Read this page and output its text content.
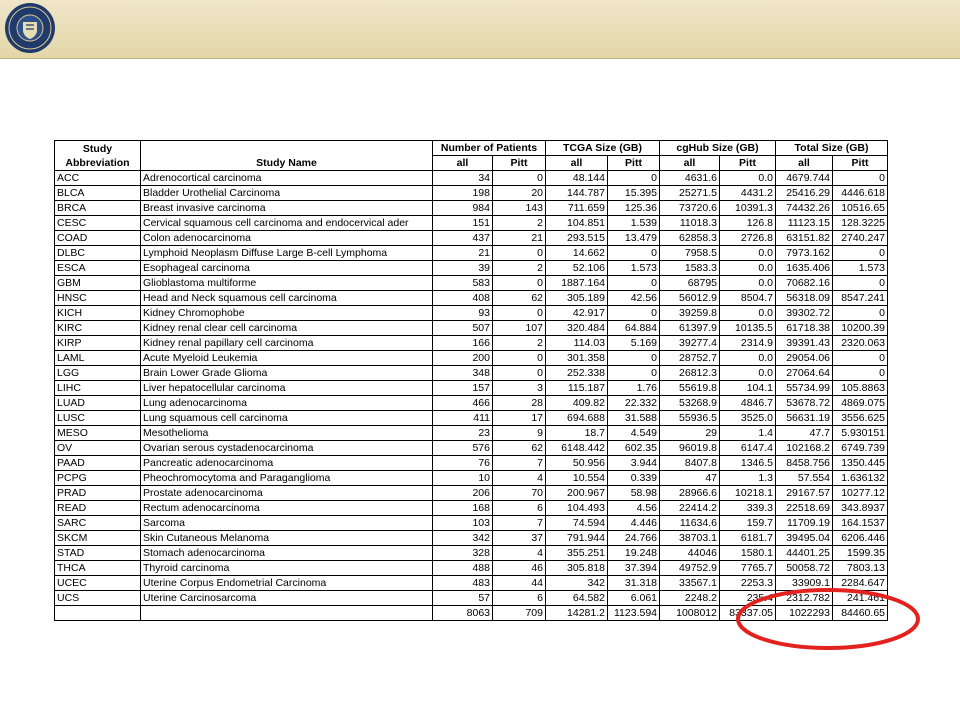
Study Abbreviation	Study Name	Number of Patients		TCGA Size (GB)		cgHub Size (GB)		Total Size (GB)	
		all	Pitt	all	Pitt	all	Pitt	all	Pitt
ACC	Adrenocortical carcinoma	34	0	48.144	0	4631.6	0.0	4679.744	0
BLCA	Bladder Urothelial Carcinoma	198	20	144.787	15.395	25271.5	4431.2	25416.29	4446.618
BRCA	Breast invasive carcinoma	984	143	711.659	125.36	73720.6	10391.3	74432.26	10516.65
CESC	Cervical squamous cell carcinoma and endocervical ader	151	2	104.851	1.539	11018.3	126.8	11123.15	128.3225
COAD	Colon adenocarcinoma	437	21	293.515	13.479	62858.3	2726.8	63151.82	2740.247
DLBC	Lymphoid Neoplasm Diffuse Large B-cell Lymphoma	21	0	14.662	0	7958.5	0.0	7973.162	0
ESCA	Esophageal carcinoma	39	2	52.106	1.573	1583.3	0.0	1635.406	1.573
GBM	Glioblastoma multiforme	583	0	1887.164	0	68795	0.0	70682.16	0
HNSC	Head and Neck squamous cell carcinoma	408	62	305.189	42.56	56012.9	8504.7	56318.09	8547.241
KICH	Kidney Chromophobe	93	0	42.917	0	39259.8	0.0	39302.72	0
KIRC	Kidney renal clear cell carcinoma	507	107	320.484	64.884	61397.9	10135.5	61718.38	10200.39
KIRP	Kidney renal papillary cell carcinoma	166	2	114.03	5.169	39277.4	2314.9	39391.43	2320.063
LAML	Acute Myeloid Leukemia	200	0	301.358	0	28752.7	0.0	29054.06	0
LGG	Brain Lower Grade Glioma	348	0	252.338	0	26812.3	0.0	27064.64	0
LIHC	Liver hepatocellular carcinoma	157	3	115.187	1.76	55619.8	104.1	55734.99	105.8863
LUAD	Lung adenocarcinoma	466	28	409.82	22.332	53268.9	4846.7	53678.72	4869.075
LUSC	Lung squamous cell carcinoma	411	17	694.688	31.588	55936.5	3525.0	56631.19	3556.625
MESO	Mesothelioma	23	9	18.7	4.549	29	1.4	47.7	5.930151
OV	Ovarian serous cystadenocarcinoma	576	62	6148.442	602.35	96019.8	6147.4	102168.2	6749.739
PAAD	Pancreatic adenocarcinoma	76	7	50.956	3.944	8407.8	1346.5	8458.756	1350.445
PCPG	Pheochromocytoma and Paraganglioma	10	4	10.554	0.339	47	1.3	57.554	1.636132
PRAD	Prostate adenocarcinoma	206	70	200.967	58.98	28966.6	10218.1	29167.57	10277.12
READ	Rectum adenocarcinoma	168	6	104.493	4.56	22414.2	339.3	22518.69	343.8937
SARC	Sarcoma	103	7	74.594	4.446	11634.6	159.7	11709.19	164.1537
SKCM	Skin Cutaneous Melanoma	342	37	791.944	24.766	38703.1	6181.7	39495.04	6206.446
STAD	Stomach adenocarcinoma	328	4	355.251	19.248	44046	1580.1	44401.25	1599.35
THCA	Thyroid carcinoma	488	46	305.818	37.394	49752.9	7765.7	50058.72	7803.13
UCEC	Uterine Corpus Endometrial Carcinoma	483	44	342	31.318	33567.1	2253.3	33909.1	2284.647
UCS	Uterine Carcinosarcoma	57	6	64.582	6.061	2248.2	235.4	2312.782	241.461
		8063	709	14281.2	1123.594	1008012	83337.05	1022293	84460.65
